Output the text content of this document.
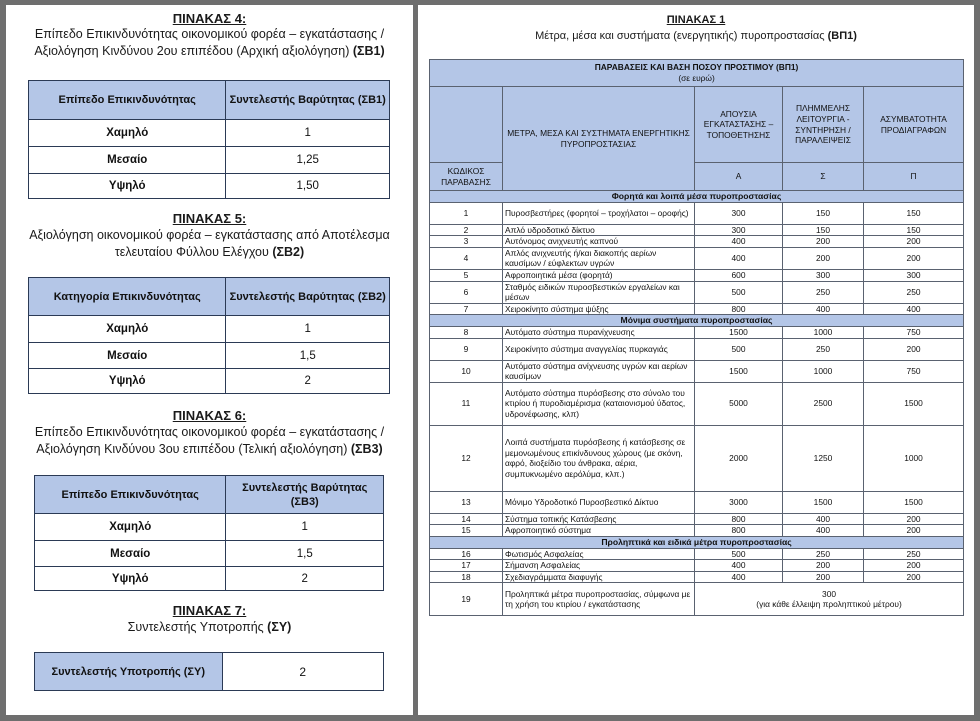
ΠΙΝΑΚΑΣ 4:
Επίπεδο Επικινδυνότητας οικονομικού φορέα – εγκατάστασης /
Αξιολόγηση Κινδύνου 2ου επιπέδου (Αρχική αξιολόγηση) (ΣΒ1)
Επίπεδο Επικινδυνότητας	Συντελεστής Βαρύτητας (ΣΒ1)
Χαμηλό	1
Μεσαίο	1,25
Υψηλό	1,50
ΠΙΝΑΚΑΣ 5:
Αξιολόγηση οικονομικού φορέα – εγκατάστασης από Αποτέλεσμα
τελευταίου Φύλλου Ελέγχου (ΣΒ2)
Κατηγορία Επικινδυνότητας	Συντελεστής Βαρύτητας (ΣΒ2)
Χαμηλό	1
Μεσαίο	1,5
Υψηλό	2
ΠΙΝΑΚΑΣ 6:
Επίπεδο Επικινδυνότητας οικονομικού φορέα – εγκατάστασης /
Αξιολόγηση Κινδύνου 3ου επιπέδου (Τελική αξιολόγηση) (ΣΒ3)
Επίπεδο Επικινδυνότητας	Συντελεστής Βαρύτητας (ΣΒ3)
Χαμηλό	1
Μεσαίο	1,5
Υψηλό	2
ΠΙΝΑΚΑΣ 7:
Συντελεστής Υποτροπής (ΣΥ)
Συντελεστής Υποτροπής (ΣΥ)	2
ΠΙΝΑΚΑΣ 1
Μέτρα, μέσα και συστήματα (ενεργητικής) πυροπροστασίας (ΒΠ1)
ΠΑΡΑΒΑΣΕΙΣ ΚΑΙ ΒΑΣΗ ΠΟΣΟΥ ΠΡΟΣΤΙΜΟΥ (ΒΠ1)
(σε ευρώ)				

	ΜΕΤΡΑ, ΜΕΣΑ ΚΑΙ ΣΥΣΤΗΜΑΤΑ ΕΝΕΡΓΗΤΙΚΗΣ ΠΥΡΟΠΡΟΣΤΑΣΙΑΣ	ΑΠΟΥΣΙΑ ΕΓΚΑΤΑΣΤΑΣΗΣ – ΤΟΠΟΘΕΤΗΣΗΣ	ΠΛΗΜΜΕΛΗΣ ΛΕΙΤΟΥΡΓΙΑ - ΣΥΝΤΗΡΗΣΗ / ΠΑΡΑΛΕΙΨΕΙΣ	ΑΣΥΜΒΑΤΟΤΗΤΑ ΠΡΟΔΙΑΓΡΑΦΩΝ
ΚΩΔΙΚΟΣ ΠΑΡΑΒΑΣΗΣ		Α	Σ	Π
Φορητά και λοιπά μέσα πυροπροστασίας				
1	Πυροσβεστήρες (φορητοί – τροχήλατοι – οροφής)	300	150	150
2	Απλό υδροδοτικό δίκτυο	300	150	150
3	Αυτόνομος ανιχνευτής καπνού	400	200	200
4	Απλός ανιχνευτής ή/και διακοπής αερίων καυσίμων / εύφλεκτων υγρών	400	200	200
5	Αφροποιητικά μέσα (φορητά)	600	300	300
6	Σταθμός ειδικών πυροσβεστικών εργαλείων και μέσων	500	250	250
7	Χειροκίνητο σύστημα ψύξης	800	400	400
Μόνιμα συστήματα πυροπροστασίας				
8	Αυτόματο σύστημα πυρανίχνευσης	1500	1000	750
9	Χειροκίνητο σύστημα αναγγελίας πυρκαγιάς	500	250	200
10	Αυτόματο σύστημα ανίχνευσης υγρών και αερίων καυσίμων	1500	1000	750
11	Αυτόματο σύστημα πυρόσβεσης στο σύνολο του κτιρίου ή πυροδιαμέρισμα (καταιονισμού ύδατος, υδρονέφωσης, κλπ)	5000	2500	1500
12	Λοιπά συστήματα πυρόσβεσης ή κατάσβεσης σε μεμονωμένους επικίνδυνους χώρους (με σκόνη, αφρό, διοξείδιο του άνθρακα, αέρια, συμπυκνωμένο αερόλύμα, κλπ.)	2000	1250	1000
13	Μόνιμο Υδροδοτικό Πυροσβεστικό Δίκτυο	3000	1500	1500
14	Σύστημα τοπικής Κατάσβεσης	800	400	200
15	Αφροποιητικό σύστημα	800	400	200
Προληπτικά και ειδικά μέτρα πυροπροστασίας				
16	Φωτισμός Ασφαλείας	500	250	250
17	Σήμανση Ασφαλείας	400	200	200
18	Σχεδιαγράμματα διαφυγής	400	200	200
19	Προληπτικά μέτρα πυροπροστασίας, σύμφωνα με τη χρήση του κτιρίου / εγκατάστασης	300
(για κάθε έλλειψη προληπτικού μέτρου)		
